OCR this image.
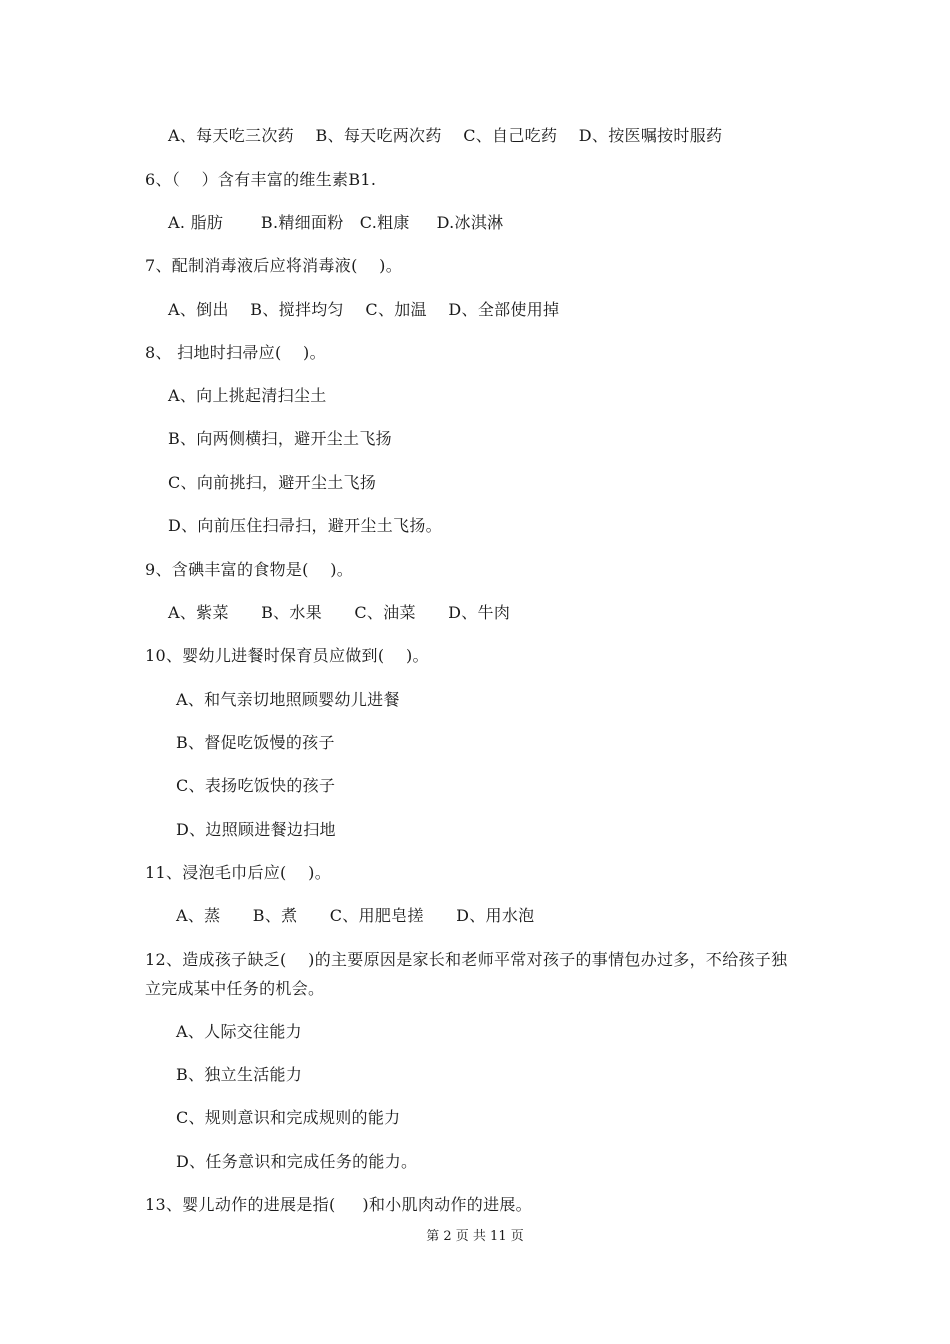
A、每天吃三次药    B、每天吃两次药    C、自己吃药    D、按医嘱按时服药
6、（    ）含有丰富的维生素B1.
A. 脂肪       B.精细面粉   C.粗康     D.冰淇淋
7、配制消毒液后应将消毒液(    )。
A、倒出    B、搅拌均匀    C、加温    D、全部使用掉
8、 扫地时扫帚应(    )。
A、向上挑起清扫尘土
B、向两侧横扫，避开尘土飞扬
C、向前挑扫，避开尘土飞扬
D、向前压住扫帚扫，避开尘土飞扬。
9、含碘丰富的食物是(    )。
A、紫菜      B、水果      C、油菜      D、牛肉
10、婴幼儿进餐时保育员应做到(    )。
A、和气亲切地照顾婴幼儿进餐
B、督促吃饭慢的孩子
C、表扬吃饭快的孩子
D、边照顾进餐边扫地
11、浸泡毛巾后应(    )。
A、蒸      B、煮      C、用肥皂搓      D、用水泡
12、造成孩子缺乏(    )的主要原因是家长和老师平常对孩子的事情包办过多，不给孩子独
立完成某中任务的机会。
A、人际交往能力
B、独立生活能力
C、规则意识和完成规则的能力
D、任务意识和完成任务的能力。
13、婴儿动作的进展是指(     )和小肌肉动作的进展。
第 2 页 共 11 页
